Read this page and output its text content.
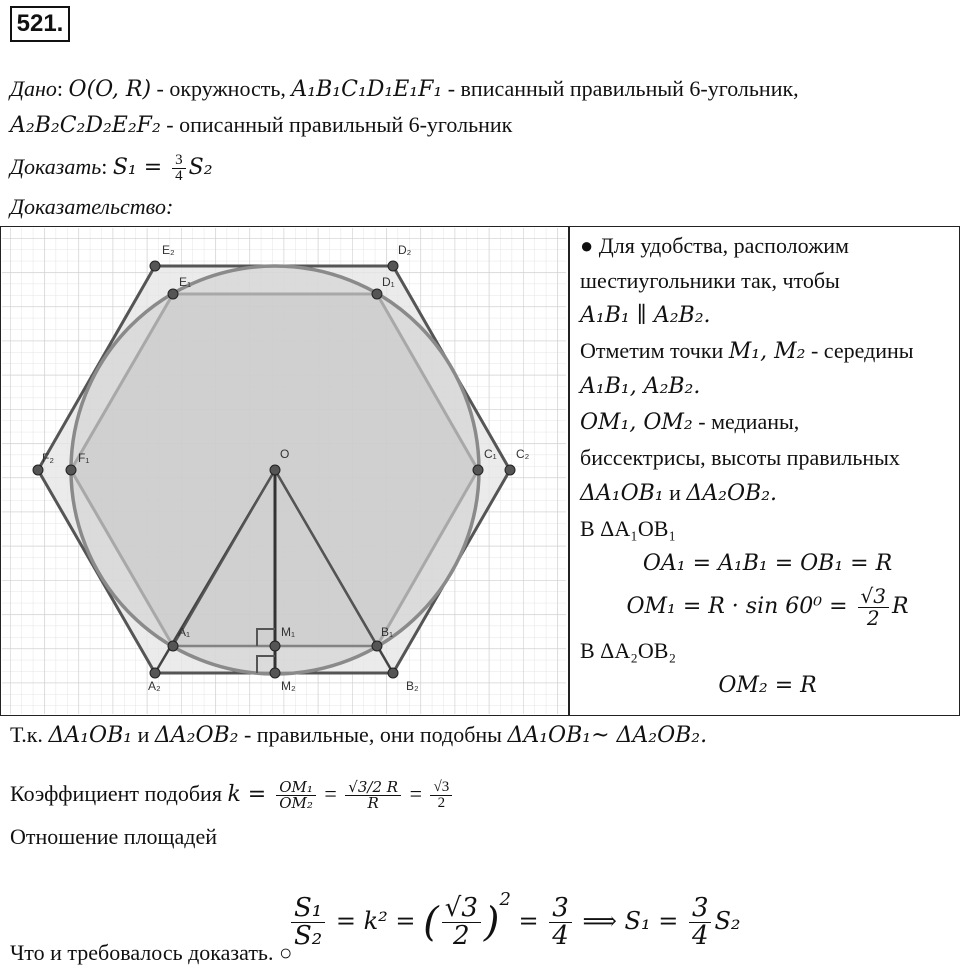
521.
Дано: O(O, R) - окружность, A₁B₁C₁D₁E₁F₁ - вписанный правильный 6-угольник,
A₂B₂C₂D₂E₂F₂ - описанный правильный 6-угольник
Доказать: $S_1 = \frac{3}{4} S_2$
Доказательство:
E₂	D₂
E₁	D₁
F₂ F₁	C₁ C₂
O
A₁	B₁
A₂	B₂
M₁
M₂
● Для удобства, расположим
шестиугольники так, чтобы
A₁B₁ ∥ A₂B₂.
Отметим точки M₁, M₂ - середины
A₁B₁, A₂B₂.
OM₁, OM₂ - медианы,
биссектрисы, высоты правильных
ΔA₁OB₁ и ΔA₂OB₂.
В ΔA₁OB₁
OA₁ = A₁B₁ = OB₁ = R
$OM_1 = R \cdot \sin 60^0 = \frac{√3}{2}$ R
В ΔA₂OB₂
OM₂ = R
Т.к. ΔA₁OB₁ и ΔA₂OB₂ - правильные, они подобны ΔA₁OB₁~ ΔA₂OB₂.
Коэффициент подобия $k = \frac{\text{OM₁}}{\text{OM₂}} = \frac{√3/2 R}{R} = \frac{√3}{2}$
Отношение площадей
$\frac{\text{S₁}}{\text{S₂}} = k^2$ = ( $\frac{√3}{2} )^2 = \frac{3}{4}$ ⟹ $S_1 = \frac{3}{4} S_2$
Что и требовалось доказать. ○
